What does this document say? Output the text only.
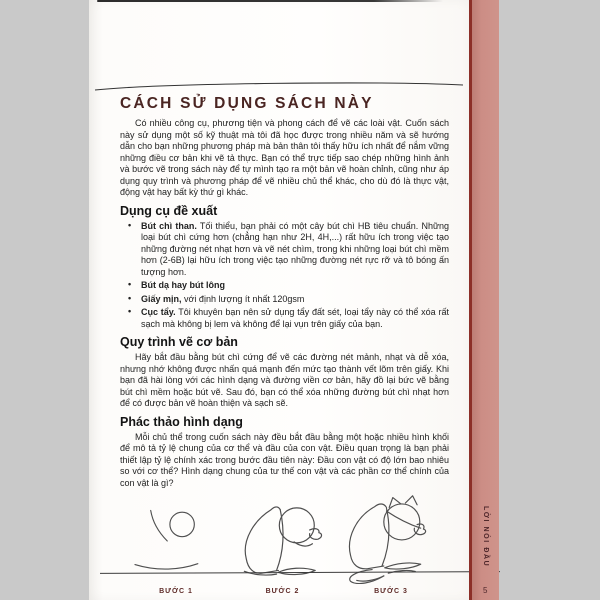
CÁCH SỬ DỤNG SÁCH NÀY

Có nhiều công cụ, phương tiện và phong cách để vẽ các loài vật. Cuốn sách này sử dụng một số kỹ thuật mà tôi đã học được trong nhiều năm và sẽ hướng dẫn cho bạn những phương pháp mà bản thân tôi thấy hữu ích nhất để nắm vững những điều cơ bản khi vẽ tả thực. Bạn có thể trực tiếp sao chép những hình ảnh và bước vẽ trong sách này để tự mình tạo ra một bản vẽ hoàn chỉnh, cũng như áp dụng quy trình và phương pháp để vẽ nhiều chủ thể khác, cho dù đó là thực vật, động vật hay bất kỳ thứ gì khác.

Dụng cụ đề xuất
• Bút chì than. Tối thiểu, bạn phải có một cây bút chì HB tiêu chuẩn. Những loại bút chì cứng hơn (chẳng hạn như 2H, 4H,...) rất hữu ích trong việc tạo những đường nét nhạt hơn và vẽ nét chìm, trong khi những loại bút chì mềm hơn (2-6B) lại hữu ích trong việc tạo những đường nét rực rỡ và tô bóng ấn tượng hơn.
• Bút dạ hay bút lông
• Giấy mịn, với định lượng ít nhất 120gsm
• Cục tẩy. Tôi khuyên bạn nên sử dụng tẩy đất sét, loại tẩy này có thể xóa rất sạch mà không bị lem và không để lại vụn trên giấy của bạn.
Quy trình vẽ cơ bản

Hãy bắt đầu bằng bút chì cứng để vẽ các đường nét mảnh, nhạt và dễ xóa, nhưng nhớ không được nhấn quá mạnh đến mức tạo thành vết lõm trên giấy. Khi bạn đã hài lòng với các hình dạng và đường viền cơ bản, hãy đồ lại bức vẽ bằng bút chì mềm hoặc bút vẽ. Sau đó, bạn có thể xóa những đường bút chì nhạt hơn để có được bản vẽ hoàn thiện và sạch sẽ.

Phác thảo hình dạng

Mỗi chủ thể trong cuốn sách này đều bắt đầu bằng một hoặc nhiều hình khối để mô tả tỷ lệ chung của cơ thể và đầu của con vật. Điều quan trọng là bạn phải thiết lập tỷ lệ chính xác trong bước đầu tiên này: Đầu con vật có độ lớn bao nhiêu so với cơ thể? Hình dạng chung của tư thế con vật và các phần cơ thể chính của con vật là gì?

BƯỚC 1	BƯỚC 2	BƯỚC 3
LỜI NÓI ĐẦU
5
